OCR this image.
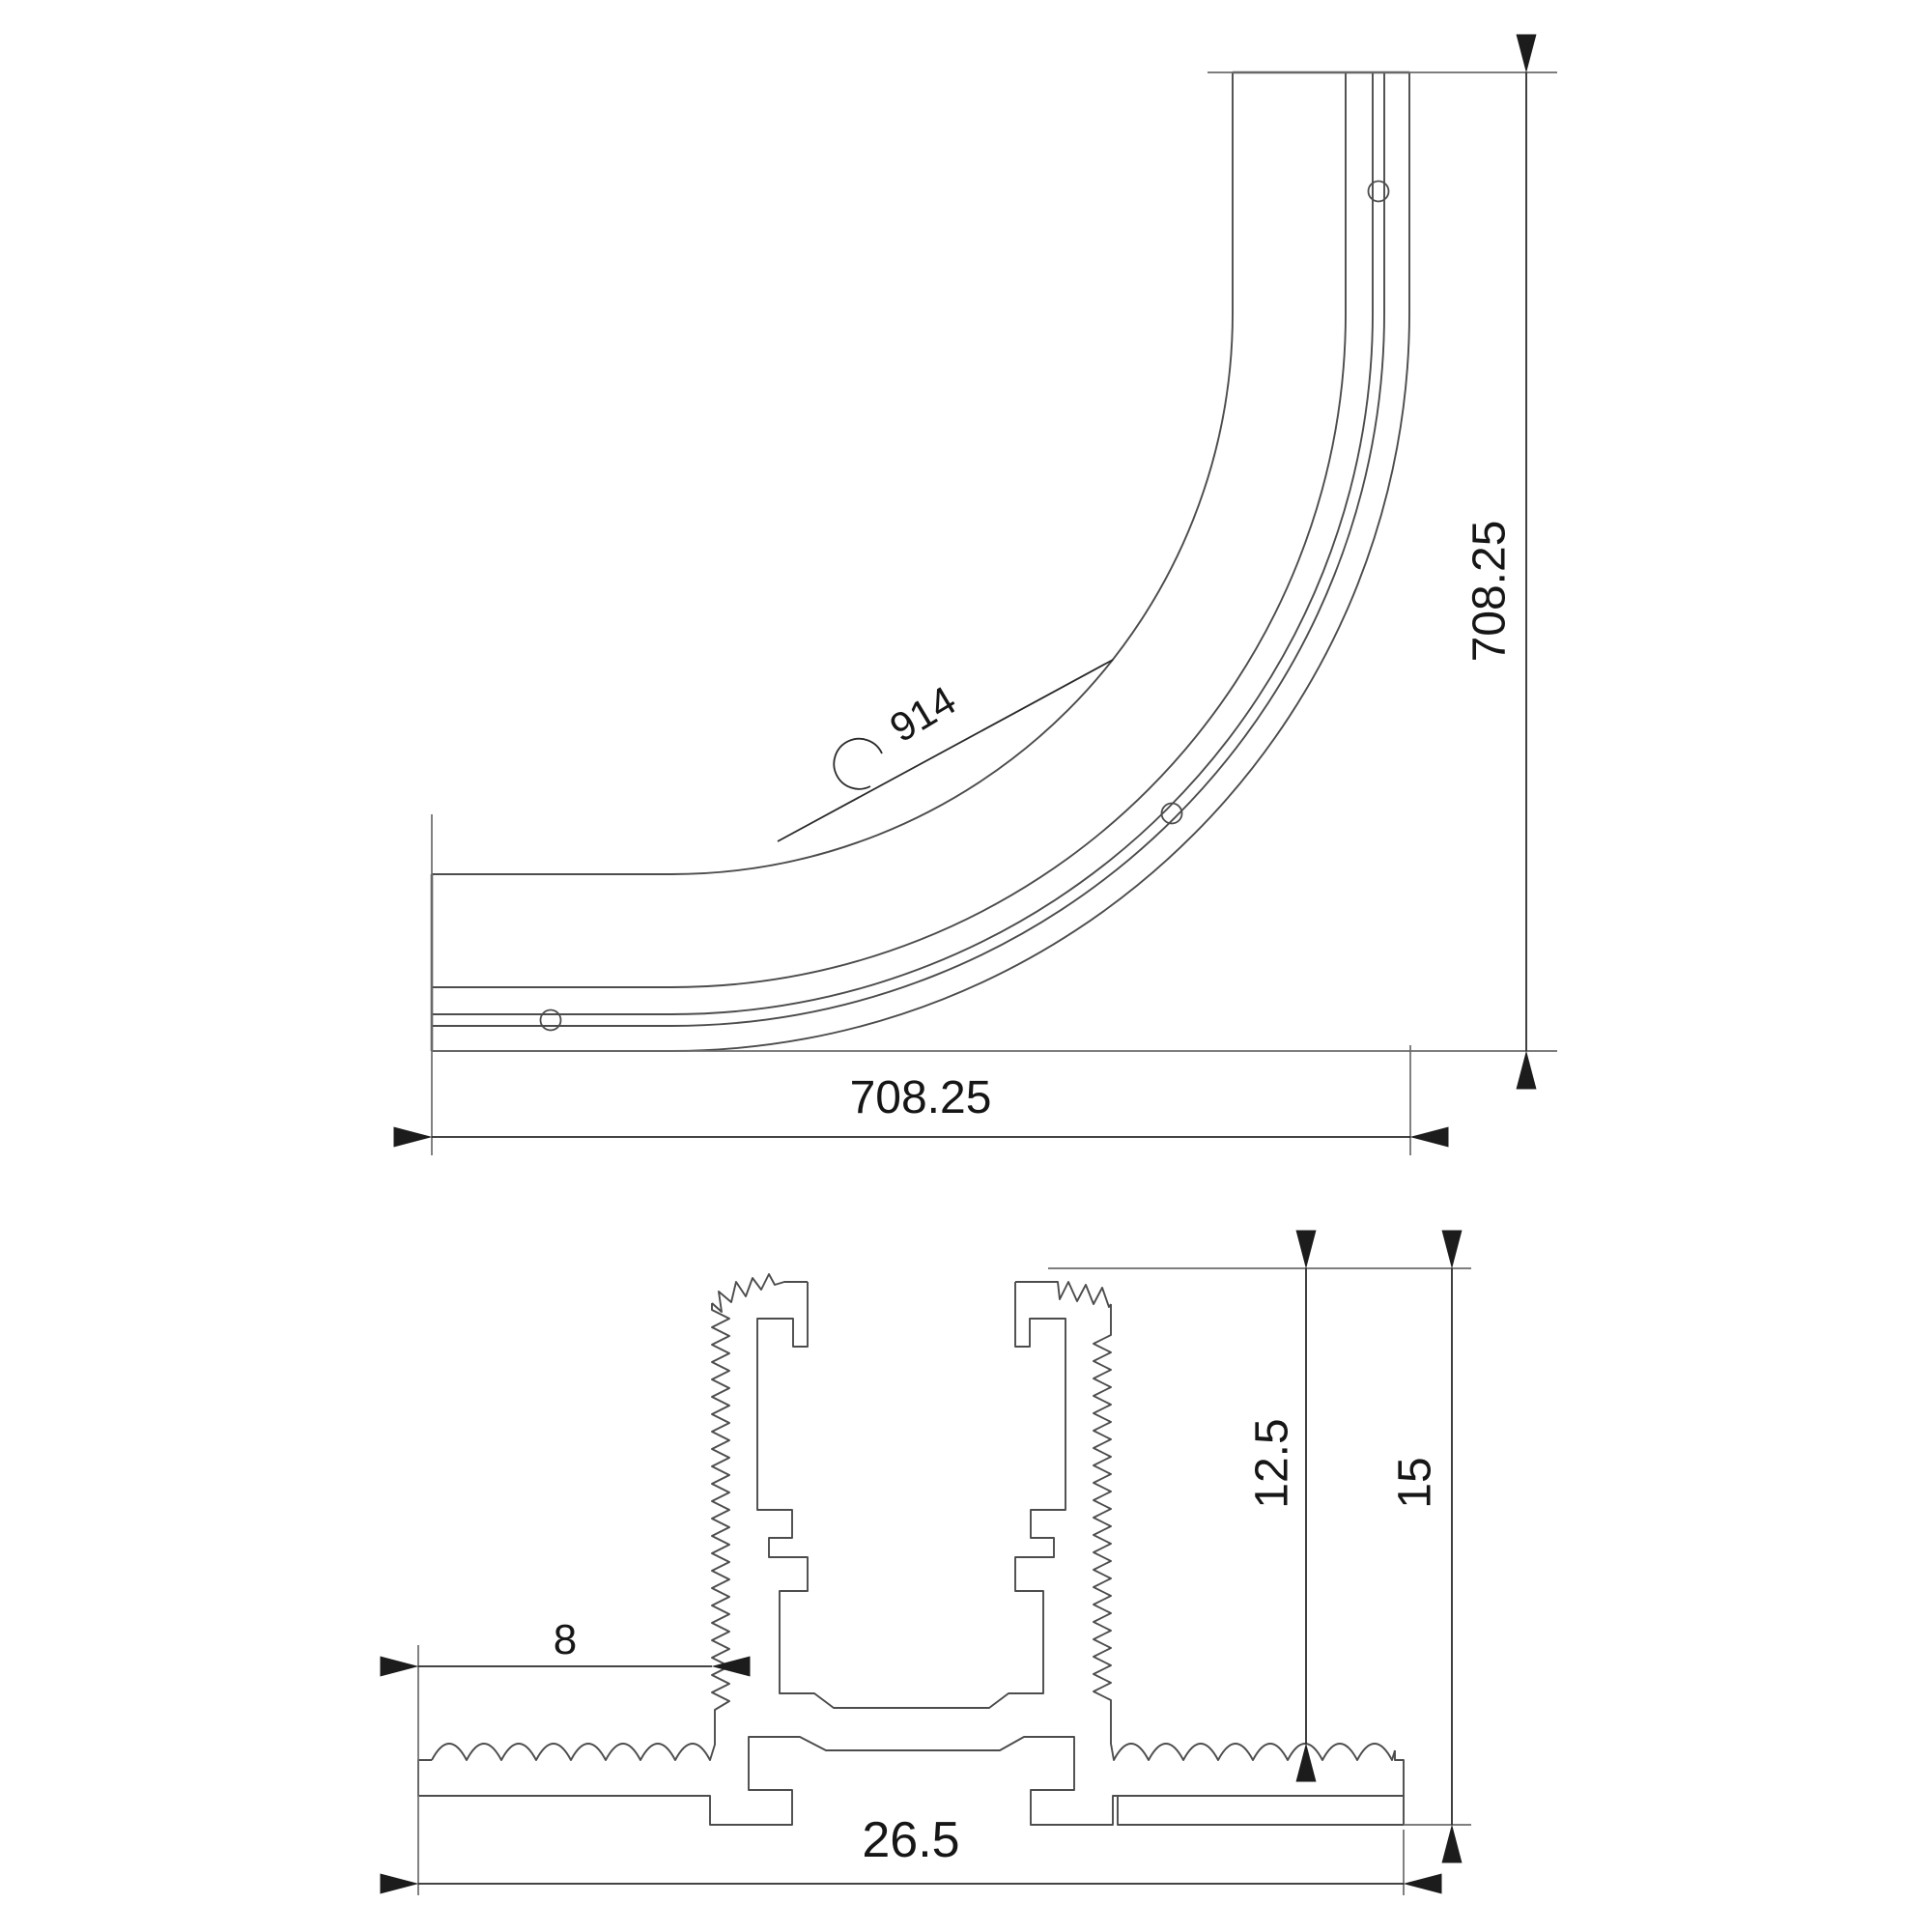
914
708.25
708.25
8
12.5 15
26.5
